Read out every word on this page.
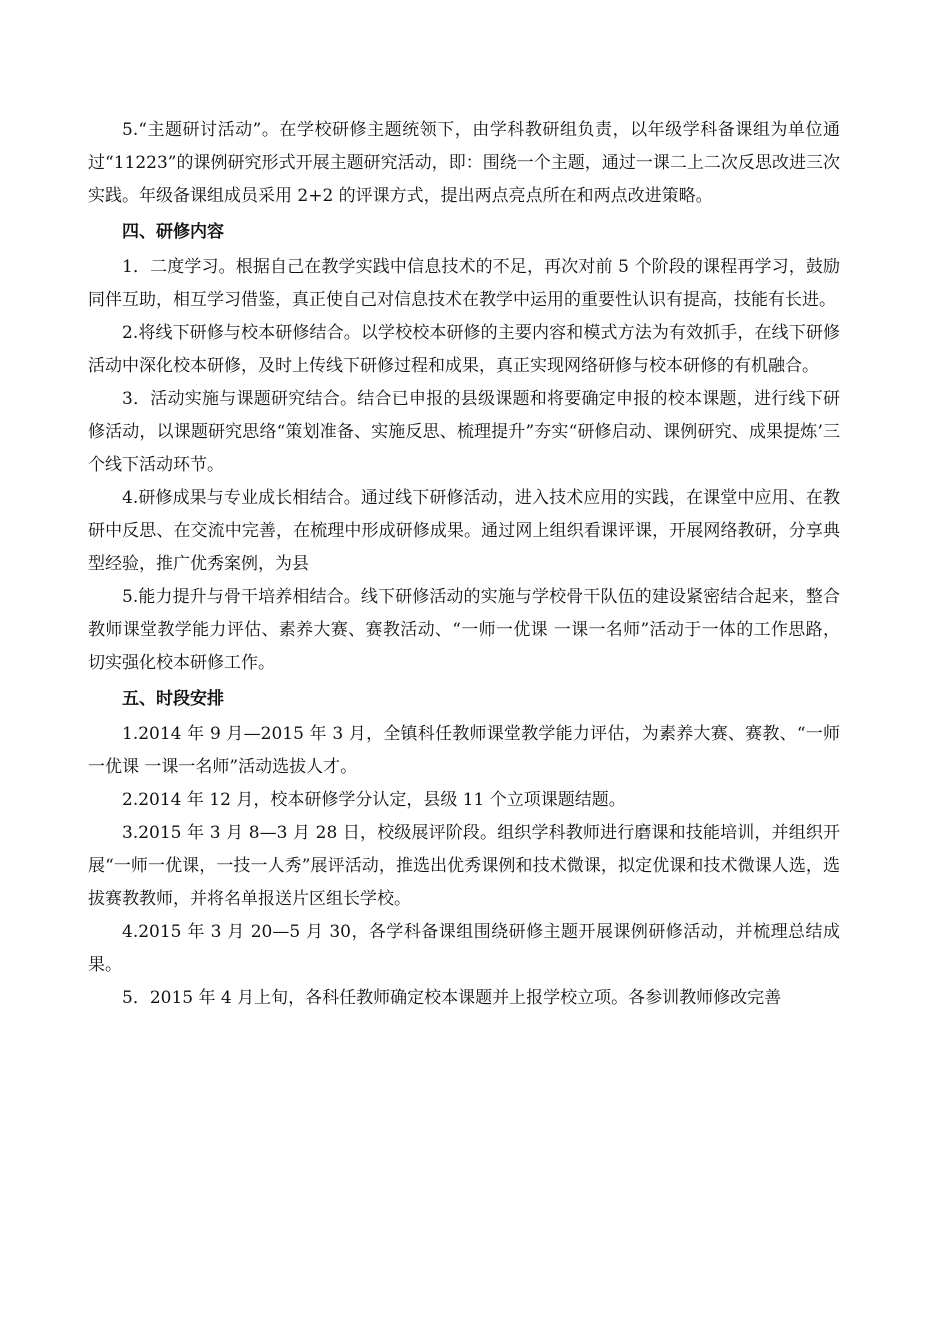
5.“主题研讨活动”。在学校研修主题统领下，由学科教研组负责，以年级学科备课组为单位通过“11223”的课例研究形式开展主题研究活动，即：围绕一个主题，通过一课二上二次反思改进三次实践。年级备课组成员采用 2+2 的评课方式，提出两点亮点所在和两点改进策略。

四、研修内容

1．二度学习。根据自己在教学实践中信息技术的不足，再次对前 5 个阶段的课程再学习，鼓励同伴互助，相互学习借鉴，真正使自己对信息技术在教学中运用的重要性认识有提高，技能有长进。

2.将线下研修与校本研修结合。以学校校本研修的主要内容和模式方法为有效抓手，在线下研修活动中深化校本研修，及时上传线下研修过程和成果，真正实现网络研修与校本研修的有机融合。

3．活动实施与课题研究结合。结合已申报的县级课题和将要确定申报的校本课题，进行线下研修活动，以课题研究思络“策划准备、实施反思、梳理提升”夯实“研修启动、课例研究、成果提炼’三个线下活动环节。

4.研修成果与专业成长相结合。通过线下研修活动，进入技术应用的实践，在课堂中应用、在教研中反思、在交流中完善，在梳理中形成研修成果。通过网上组织看课评课，开展网络教研，分享典型经验，推广优秀案例，为县

5.能力提升与骨干培养相结合。线下研修活动的实施与学校骨干队伍的建设紧密结合起来，整合教师课堂教学能力评估、素养大赛、赛教活动、“一师一优课 一课一名师”活动于一体的工作思路，切实强化校本研修工作。

五、时段安排

1.2014 年 9 月—2015 年 3 月，全镇科任教师课堂教学能力评估，为素养大赛、赛教、“一师一优课 一课一名师”活动选拔人才。

2.2014 年 12 月，校本研修学分认定，县级 11 个立项课题结题。

3.2015 年 3 月 8—3 月 28 日，校级展评阶段。组织学科教师进行磨课和技能培训，并组织开展“一师一优课，一技一人秀”展评活动，推选出优秀课例和技术微课，拟定优课和技术微课人选，选拔赛教教师，并将名单报送片区组长学校。

4.2015 年 3 月 20—5 月 30，各学科备课组围绕研修主题开展课例研修活动，并梳理总结成果。

5．2015 年 4 月上旬，各科任教师确定校本课题并上报学校立项。各参训教师修改完善
